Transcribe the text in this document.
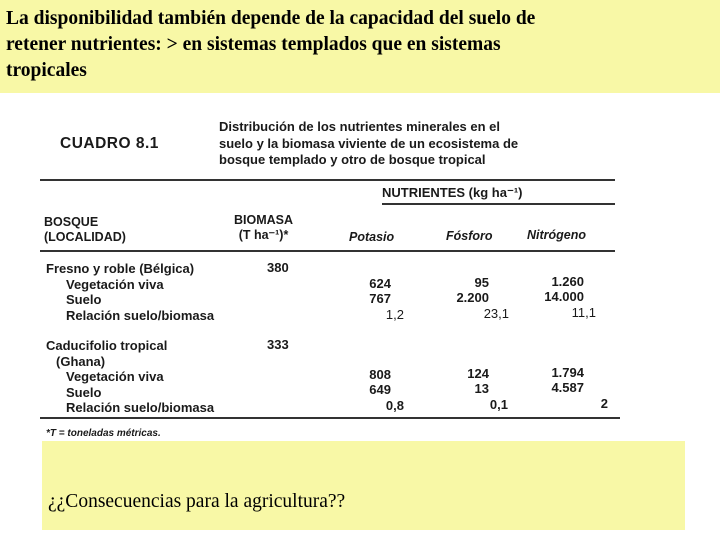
La disponibilidad también depende de la capacidad del suelo de
retener nutrientes: > en sistemas templados que en sistemas
tropicales
CUADRO 8.1
Distribución de los nutrientes minerales en el
suelo y la biomasa viviente de un ecosistema de
bosque templado y otro de bosque tropical
NUTRIENTES (kg ha⁻¹)
BOSQUE
(LOCALIDAD)
BIOMASA
(T ha⁻¹)*	Potasio	Fósforo	Nitrógeno
Fresno y roble (Bélgica)	380
Vegetación viva	624	95	1.260
Suelo	767	2.200	14.000
Relación suelo/biomasa	1,2	23,1	11,1
Caducifolio tropical	333
(Ghana)
Vegetación viva	808	124	1.794
Suelo	649	13	4.587
Relación suelo/biomasa	0,8	0,1	2
*T = toneladas métricas.
¿¿Consecuencias para la agricultura??
